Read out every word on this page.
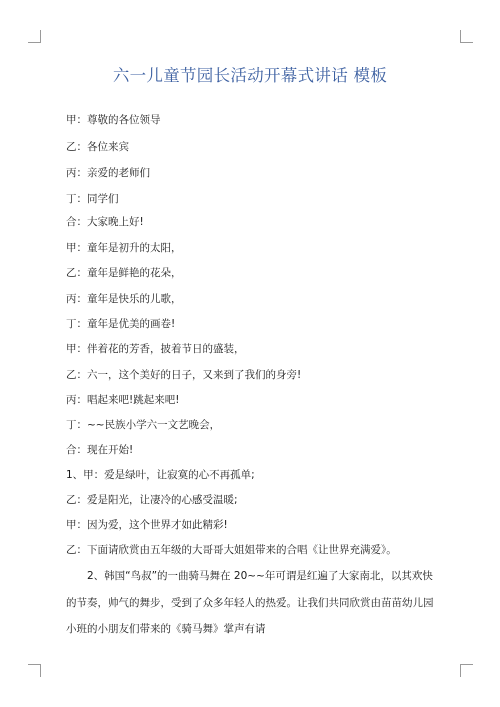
六一儿童节园长活动开幕式讲话 模板
甲：尊敬的各位领导
乙：各位来宾
丙：亲爱的老师们
丁：同学们
合：大家晚上好!
甲：童年是初升的太阳，
乙：童年是鲜艳的花朵，
丙：童年是快乐的儿歌，
丁：童年是优美的画卷!
甲：伴着花的芳香，披着节日的盛装，
乙：六一，这个美好的日子，又来到了我们的身旁!
丙：唱起来吧!跳起来吧!
丁：~~民族小学六一文艺晚会，
合：现在开始!
1、甲：爱是绿叶，让寂寞的心不再孤单;
乙：爱是阳光，让凄冷的心感受温暖;
甲：因为爱，这个世界才如此精彩!
乙：下面请欣赏由五年级的大哥哥大姐姐带来的合唱《让世界充满爱》。
2、韩国“鸟叔”的一曲骑马舞在 20~~年可谓是红遍了大家南北，以其欢快的节奏，帅气的舞步，受到了众多年轻人的热爱。让我们共同欣赏由苗苗幼儿园小班的小朋友们带来的《骑马舞》掌声有请
